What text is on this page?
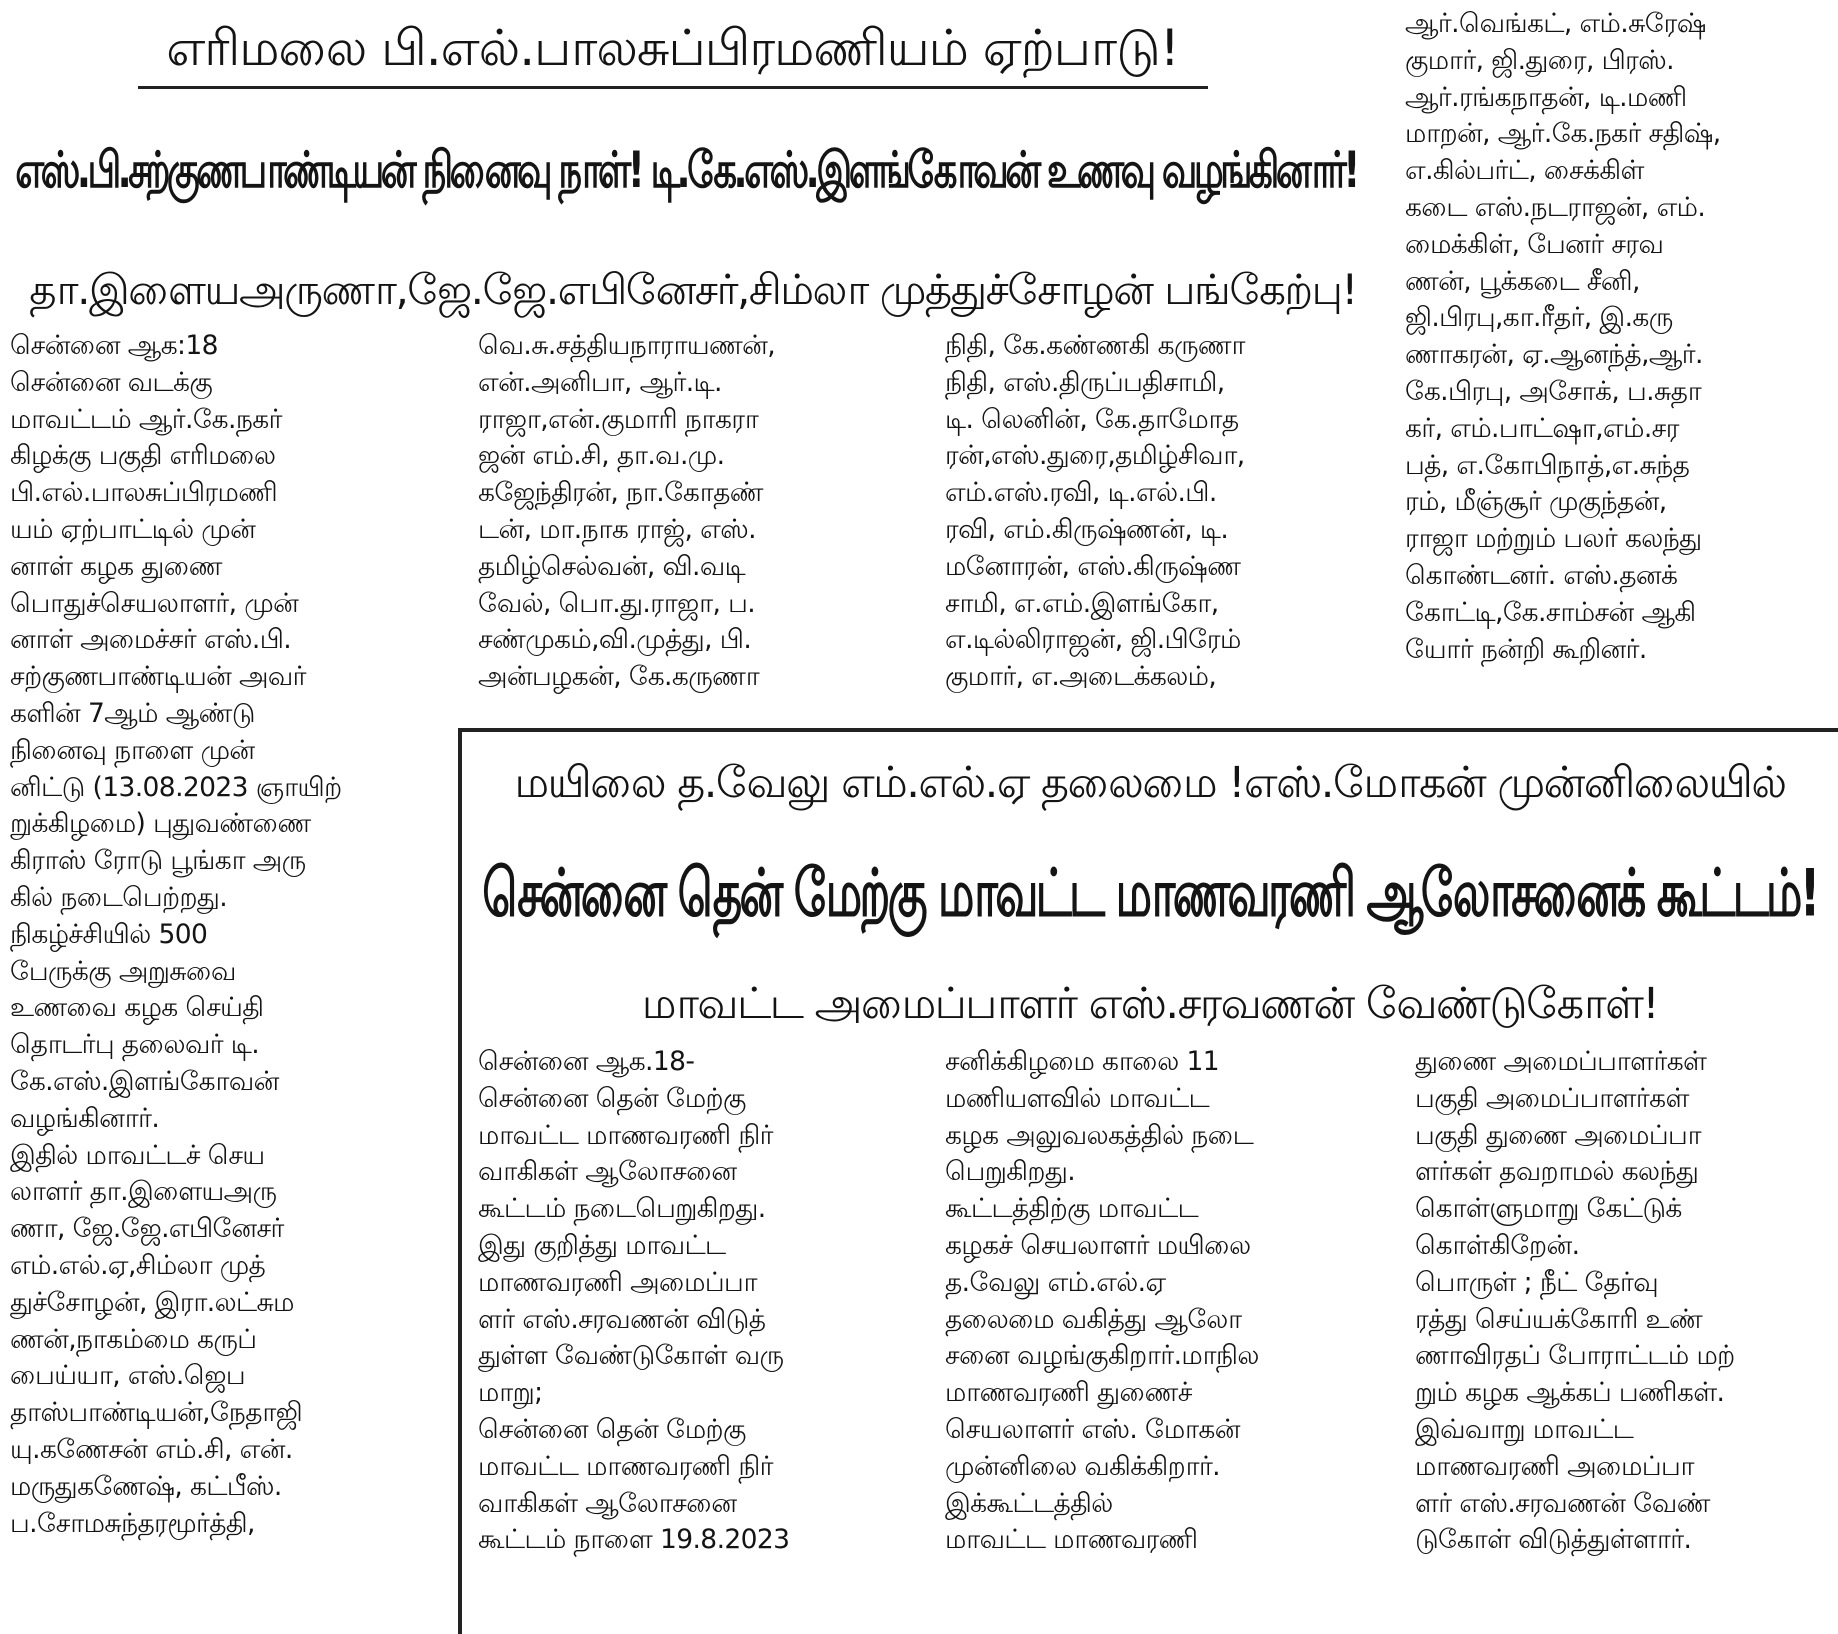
எரிமலை பி.எல்.பாலசுப்பிரமணியம் ஏற்பாடு!
எஸ்.பி.சற்குணபாண்டியன் நினைவு நாள்! டி.கே.எஸ்.இளங்கோவன் உணவு வழங்கினார்!
தா.இளையஅருணா,ஜே.ஜே.எபினேசர்,சிம்லா முத்துச்சோழன் பங்கேற்பு!
சென்னை ஆக:18
சென்னை வடக்கு
மாவட்டம் ஆர்.கே.நகர்
கிழக்கு பகுதி எரிமலை
பி.எல்.பாலசுப்பிரமணி
யம் ஏற்பாட்டில் முன்
னாள் கழக துணை
பொதுச்செயலாளர், முன்
னாள் அமைச்சர் எஸ்.பி.
சற்குணபாண்டியன் அவர்
களின் 7ஆம் ஆண்டு
நினைவு நாளை முன்
னிட்டு (13.08.2023 ஞாயிற்
றுக்கிழமை) புதுவண்ணை
கிராஸ் ரோடு பூங்கா அரு
கில் நடைபெற்றது.
நிகழ்ச்சியில் 500
பேருக்கு அறுசுவை
உணவை கழக செய்தி
தொடர்பு தலைவர் டி.
கே.எஸ்.இளங்கோவன்
வழங்கினார்.
இதில் மாவட்டச் செய
லாளர் தா.இளையஅரு
ணா, ஜே.ஜே.எபினேசர்
எம்.எல்.ஏ,சிம்லா முத்
துச்சோழன், இரா.லட்சும
ணன்,நாகம்மை கருப்
பைய்யா, எஸ்.ஜெப
தாஸ்பாண்டியன்,நேதாஜி
யு.கணேசன் எம்.சி, என்.
மருதுகணேஷ், கட்பீஸ்.
ப.சோமசுந்தரமூர்த்தி,
வெ.சு.சத்தியநாராயணன்,
என்.அனிபா, ஆர்.டி.
ராஜா,என்.குமாரி நாகரா
ஜன் எம்.சி, தா.வ.மு.
கஜேந்திரன், நா.கோதண்
டன், மா.நாக ராஜ், எஸ்.
தமிழ்செல்வன், வி.வடி
வேல், பொ.து.ராஜா, ப.
சண்முகம்,வி.முத்து, பி.
அன்பழகன், கே.கருணா
நிதி, கே.கண்ணகி கருணா
நிதி, எஸ்.திருப்பதிசாமி,
டி. லெனின், கே.தாமோத
ரன்,எஸ்.துரை,தமிழ்சிவா,
எம்.எஸ்.ரவி, டி.எல்.பி.
ரவி, எம்.கிருஷ்ணன், டி.
மனோரன், எஸ்.கிருஷ்ண
சாமி, எ.எம்.இளங்கோ,
எ.டில்லிராஜன், ஜி.பிரேம்
குமார், எ.அடைக்கலம்,
ஆர்.வெங்கட், எம்.சுரேஷ்
குமார், ஜி.துரை, பிரஸ்.
ஆர்.ரங்கநாதன், டி.மணி
மாறன், ஆர்.கே.நகர் சதிஷ்,
எ.கில்பர்ட், சைக்கிள்
கடை எஸ்.நடராஜன், எம்.
மைக்கிள், பேனர் சரவ
ணன், பூக்கடை சீனி,
ஜி.பிரபு,கா.ரீதர், இ.கரு
ணாகரன், ஏ.ஆனந்த்,ஆர்.
கே.பிரபு, அசோக், ப.சுதா
கர், எம்.பாட்ஷா,எம்.சர
பத், எ.கோபிநாத்,எ.சுந்த
ரம், மீஞ்சூர் முகுந்தன்,
ராஜா மற்றும் பலர் கலந்து
கொண்டனர். எஸ்.தனக்
கோட்டி,கே.சாம்சன் ஆகி
யோர் நன்றி கூறினர்.
மயிலை த.வேலு எம்.எல்.ஏ தலைமை !எஸ்.மோகன் முன்னிலையில்
சென்னை தென் மேற்கு மாவட்ட மாணவரணி ஆலோசனைக் கூட்டம்!
மாவட்ட அமைப்பாளர் எஸ்.சரவணன் வேண்டுகோள்!
சென்னை ஆக.18-
சென்னை தென் மேற்கு
மாவட்ட மாணவரணி நிர்
வாகிகள் ஆலோசனை
கூட்டம் நடைபெறுகிறது.
இது குறித்து மாவட்ட
மாணவரணி அமைப்பா
ளர் எஸ்.சரவணன் விடுத்
துள்ள வேண்டுகோள் வரு
மாறு;
சென்னை தென் மேற்கு
மாவட்ட மாணவரணி நிர்
வாகிகள் ஆலோசனை
கூட்டம் நாளை 19.8.2023
சனிக்கிழமை காலை 11
மணியளவில் மாவட்ட
கழக அலுவலகத்தில் நடை
பெறுகிறது.
கூட்டத்திற்கு மாவட்ட
கழகச் செயலாளர் மயிலை
த.வேலு எம்.எல்.ஏ
தலைமை வகித்து ஆலோ
சனை வழங்குகிறார்.மாநில
மாணவரணி துணைச்
செயலாளர் எஸ். மோகன்
முன்னிலை வகிக்கிறார்.
இக்கூட்டத்தில்
மாவட்ட மாணவரணி
துணை அமைப்பாளர்கள்
பகுதி அமைப்பாளர்கள்
பகுதி துணை அமைப்பா
ளர்கள் தவறாமல் கலந்து
கொள்ளுமாறு கேட்டுக்
கொள்கிறேன்.
பொருள் ; நீட் தேர்வு
ரத்து செய்யக்கோரி உண்
ணாவிரதப் போராட்டம் மற்
றும் கழக ஆக்கப் பணிகள்.
இவ்வாறு மாவட்ட
மாணவரணி அமைப்பா
ளர் எஸ்.சரவணன் வேண்
டுகோள் விடுத்துள்ளார்.
